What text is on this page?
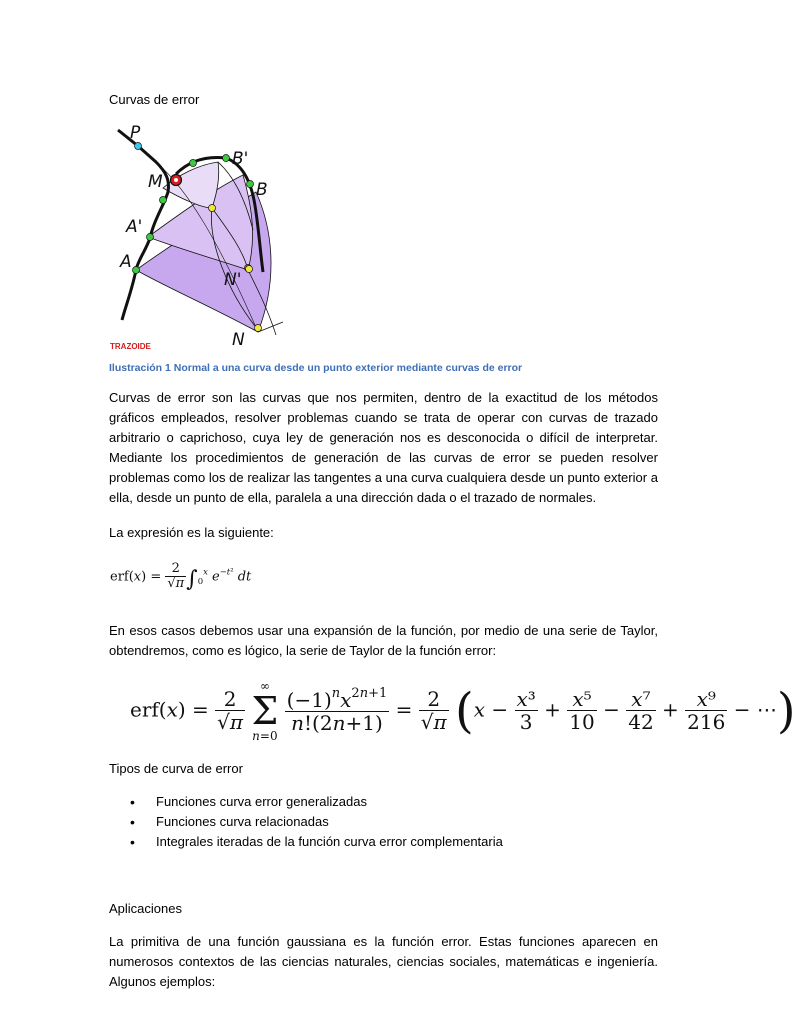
Curvas de error
P
M
B'
B
A'
A
N'
N
TRAZOIDE
Ilustración 1 Normal a una curva desde un punto exterior mediante curvas de error
Curvas de error son las curvas que nos permiten, dentro de la exactitud de los métodos gráficos empleados, resolver problemas cuando se trata de operar con curvas de trazado arbitrario o caprichoso, cuya ley de generación nos es desconocida o difícil de interpretar. Mediante los procedimientos de generación de las curvas de error se pueden resolver problemas como los de realizar las tangentes a una curva cualquiera desde un punto exterior a ella, desde un punto de ella, paralela a una dirección dada o el trazado de normales.
La expresión es la siguiente:
$erf(x) = \frac{2}{√\pi} \int_0^x$ $e^{-t^2}$ dt
En esos casos debemos usar una expansión de la función, por medio de una serie de Taylor, obtendremos, como es lógico, la serie de Taylor de la función error:
$erf(x) = \frac{2}{√\pi}$

∞
Σ
n=0

$\frac{(-1)^nx^{2n+1}}{n!(2n+1)} = \frac{2}{√\pi} (x - \frac{\text{x³}}{3} + \frac{\text{x⁵}}{10} - \frac{\text{x⁷}}{42} + \frac{\text{x⁹}}{216}$ − ⋯)
Tipos de curva de error
• Funciones curva error generalizadas
• Funciones curva relacionadas
• Integrales iteradas de la función curva error complementaria
Aplicaciones
La primitiva de una función gaussiana es la función error. Estas funciones aparecen en numerosos contextos de las ciencias naturales, ciencias sociales, matemáticas e ingeniería. Algunos ejemplos:
